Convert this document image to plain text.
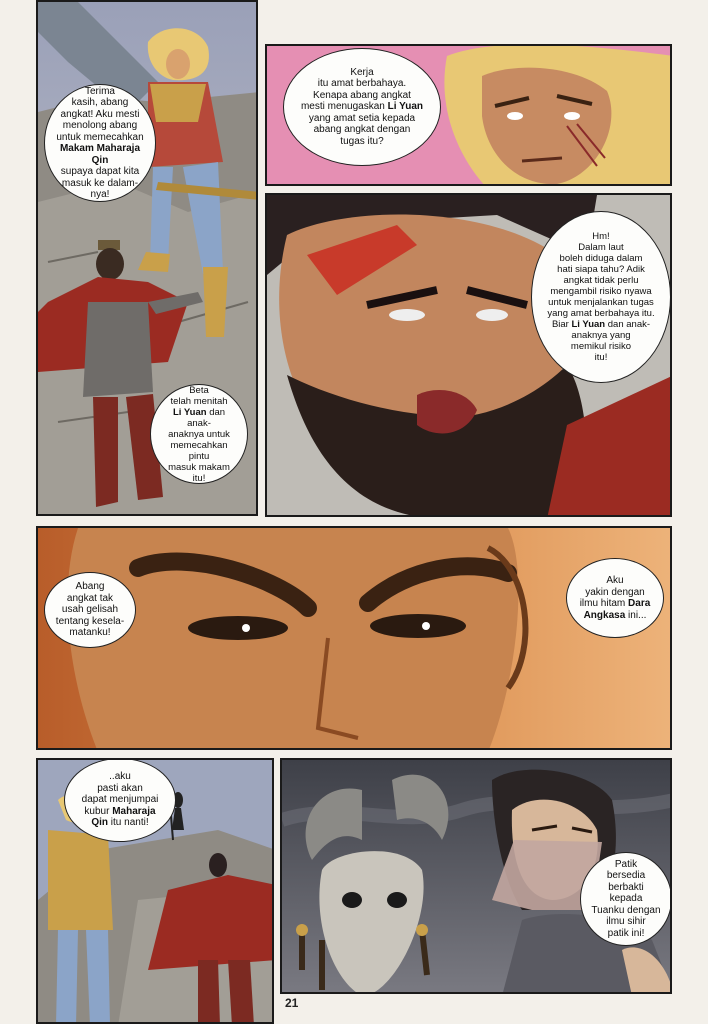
Terima
kasih, abang
angkat! Aku mesti
menolong abang
untuk memecahkan
Makam Maharaja Qin
supaya dapat kita
masuk ke dalam-
nya!
Beta
telah menitah
Li Yuan dan anak-
anaknya untuk
memecahkan pintu
masuk makam
itu!
Kerja
itu amat berbahaya.
Kenapa abang angkat
mesti menugaskan Li Yuan
yang amat setia kepada
abang angkat dengan
tugas itu?
Hm!
Dalam laut
boleh diduga dalam
hati siapa tahu? Adik
angkat tidak perlu
mengambil risiko nyawa
untuk menjalankan tugas
yang amat berbahaya itu.
Biar Li Yuan dan anak-
anaknya yang
memikul risiko
itu!
Abang
angkat tak
usah gelisah
tentang kesela-
matanku!
Aku
yakin dengan
ilmu hitam Dara
Angkasa ini...
..aku
pasti akan
dapat menjumpai
kubur Maharaja
Qin itu nanti!
Patik
bersedia
berbakti kepada
Tuanku dengan
ilmu sihir
patik ini!
21
